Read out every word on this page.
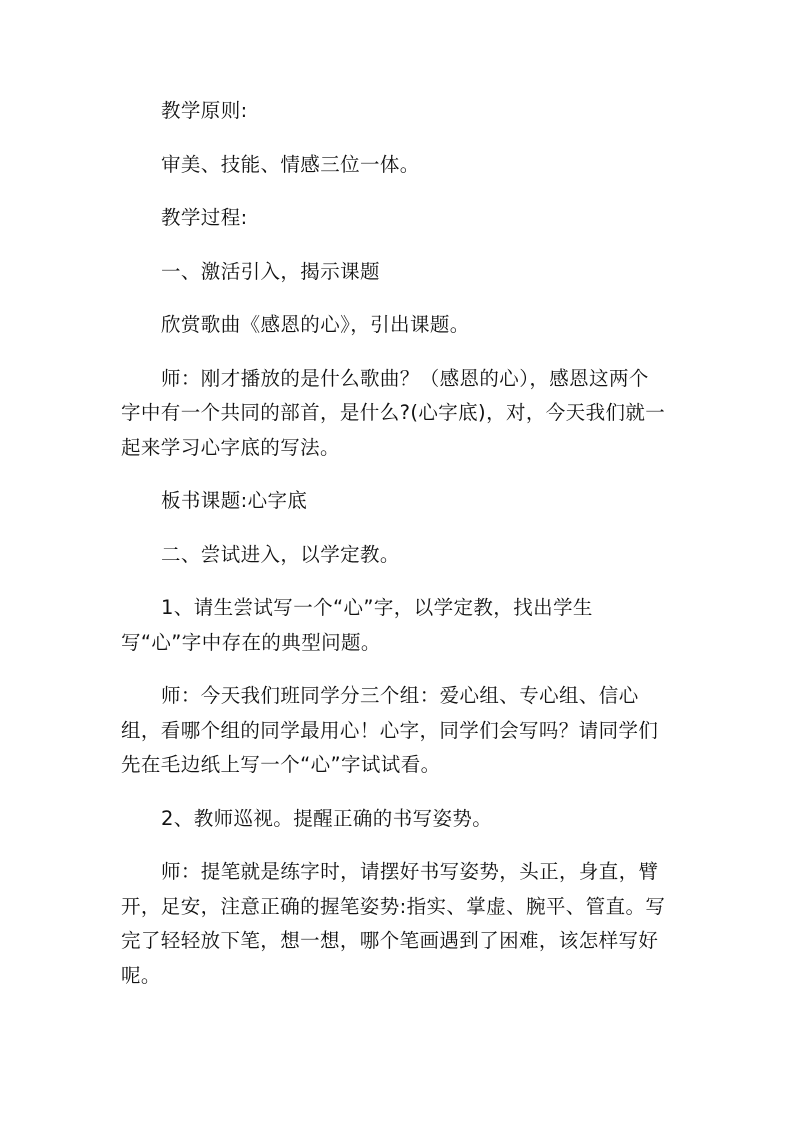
教学原则:

审美、技能、情感三位一体。

教学过程:

一、激活引入，揭示课题

欣赏歌曲《感恩的心》，引出课题。

师：刚才播放的是什么歌曲？（感恩的心），感恩这两个字中有一个共同的部首，是什么?(心字底)，对，今天我们就一起来学习心字底的写法。

板书课题:心字底

二、尝试进入，以学定教。

1、请生尝试写一个“心”字，以学定教，找出学生写“心”字中存在的典型问题。

师：今天我们班同学分三个组：爱心组、专心组、信心组，看哪个组的同学最用心！心字，同学们会写吗？请同学们先在毛边纸上写一个“心”字试试看。

2、教师巡视。提醒正确的书写姿势。

师：提笔就是练字时，请摆好书写姿势，头正，身直，臂开，足安，注意正确的握笔姿势:指实、掌虚、腕平、管直。写完了轻轻放下笔，想一想，哪个笔画遇到了困难，该怎样写好呢。
